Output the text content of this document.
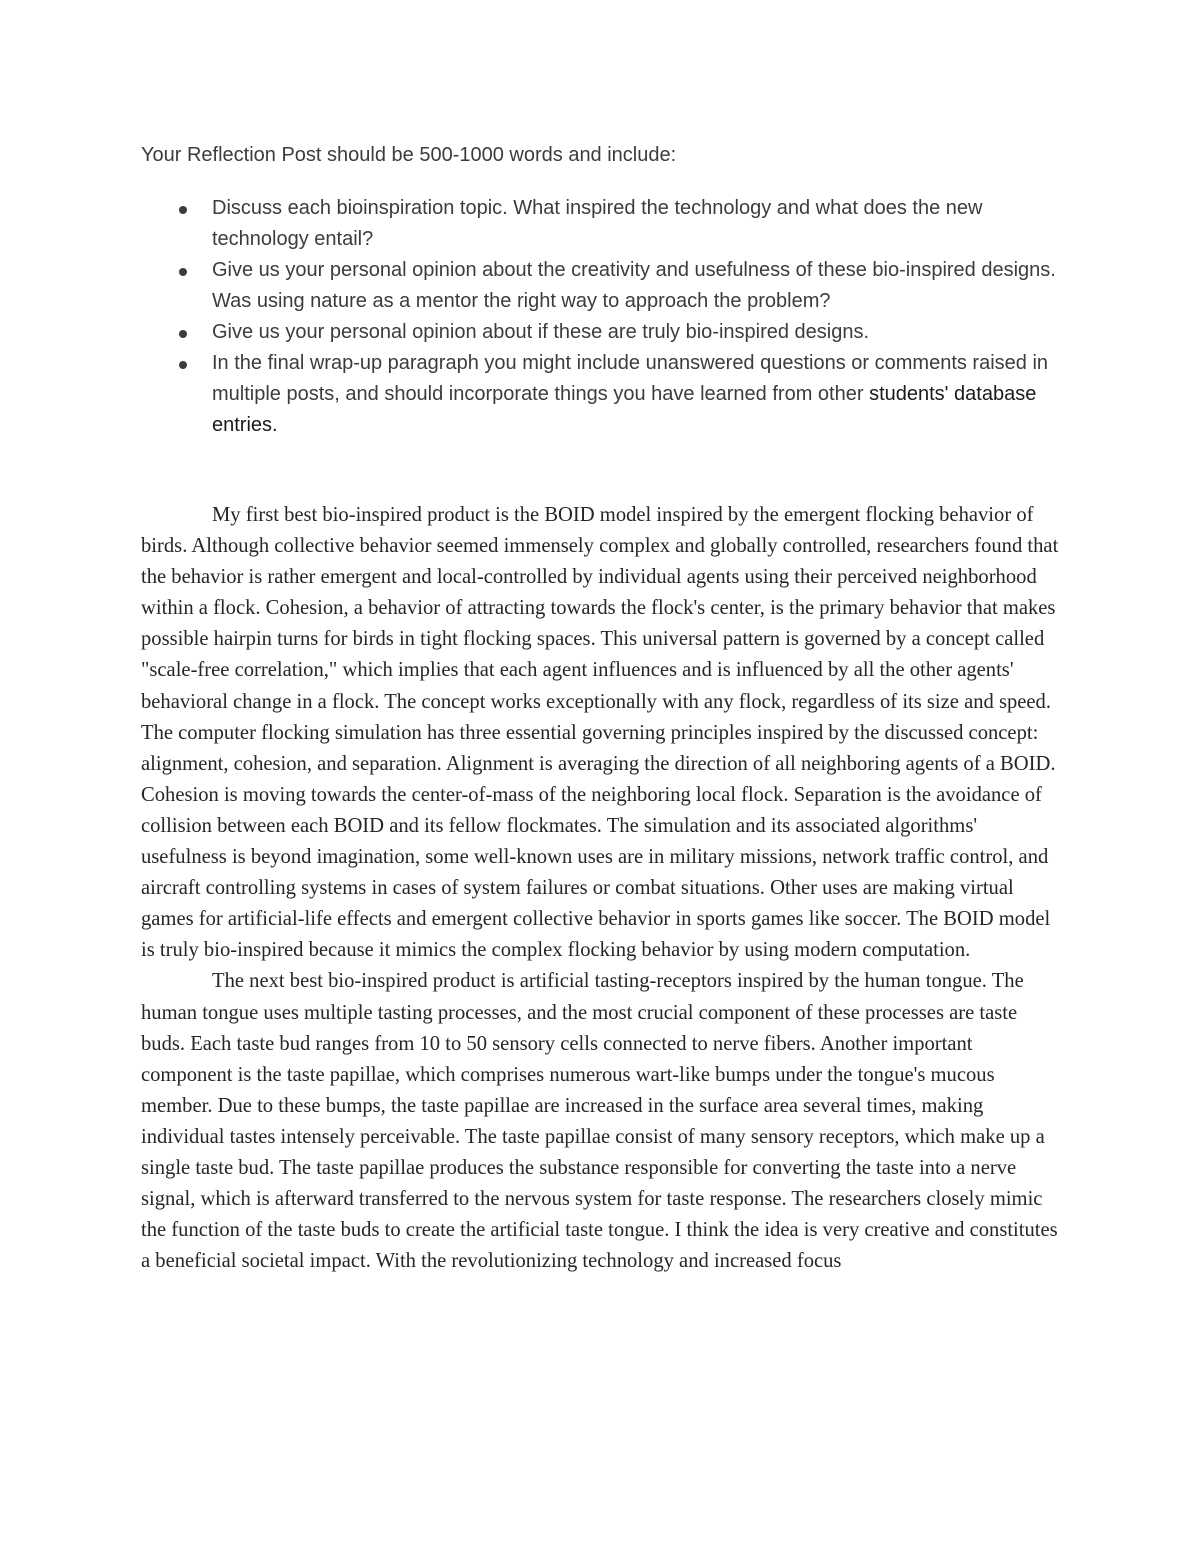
Your Reflection Post should be 500-1000 words and include:

Discuss each bioinspiration topic. What inspired the technology and what does the new technology entail?
Give us your personal opinion about the creativity and usefulness of these bio-inspired designs. Was using nature as a mentor the right way to approach the problem?
Give us your personal opinion about if these are truly bio-inspired designs.
In the final wrap-up paragraph you might include unanswered questions or comments raised in multiple posts, and should incorporate things you have learned from other students' database entries.

My first best bio-inspired product is the BOID model inspired by the emergent flocking behavior of birds. Although collective behavior seemed immensely complex and globally controlled, researchers found that the behavior is rather emergent and local-controlled by individual agents using their perceived neighborhood within a flock. Cohesion, a behavior of attracting towards the flock's center, is the primary behavior that makes possible hairpin turns for birds in tight flocking spaces. This universal pattern is governed by a concept called "scale-free correlation," which implies that each agent influences and is influenced by all the other agents' behavioral change in a flock. The concept works exceptionally with any flock, regardless of its size and speed. The computer flocking simulation has three essential governing principles inspired by the discussed concept: alignment, cohesion, and separation. Alignment is averaging the direction of all neighboring agents of a BOID. Cohesion is moving towards the center-of-mass of the neighboring local flock. Separation is the avoidance of collision between each BOID and its fellow flockmates. The simulation and its associated algorithms' usefulness is beyond imagination, some well-known uses are in military missions, network traffic control, and aircraft controlling systems in cases of system failures or combat situations. Other uses are making virtual games for artificial-life effects and emergent collective behavior in sports games like soccer. The BOID model is truly bio-inspired because it mimics the complex flocking behavior by using modern computation.

The next best bio-inspired product is artificial tasting-receptors inspired by the human tongue. The human tongue uses multiple tasting processes, and the most crucial component of these processes are taste buds. Each taste bud ranges from 10 to 50 sensory cells connected to nerve fibers. Another important component is the taste papillae, which comprises numerous wart-like bumps under the tongue's mucous member. Due to these bumps, the taste papillae are increased in the surface area several times, making individual tastes intensely perceivable. The taste papillae consist of many sensory receptors, which make up a single taste bud. The taste papillae produces the substance responsible for converting the taste into a nerve signal, which is afterward transferred to the nervous system for taste response. The researchers closely mimic the function of the taste buds to create the artificial taste tongue. I think the idea is very creative and constitutes a beneficial societal impact. With the revolutionizing technology and increased focus
